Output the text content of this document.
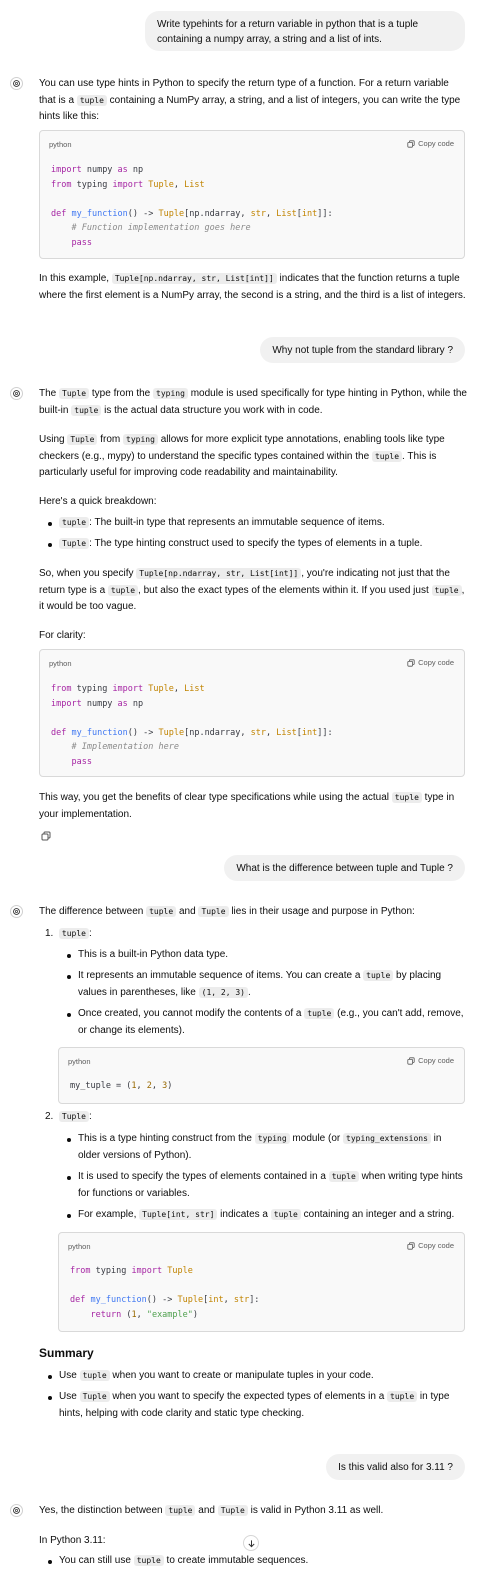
Write typehints for a return variable in python that is a tuple containing a numpy array, a string and a list of ints.

You can use type hints in Python to specify the return type of a function. For a return variable that is a tuple containing a NumPy array, a string, and a list of integers, you can write the type hints like this:

python	Copy code
import numpy as np
from typing import Tuple, List

def my_function() -> Tuple[np.ndarray, str, List[int]]:
# Function implementation goes here
pass

In this example, Tuple[np.ndarray, str, List[int]] indicates that the function returns a tuple where the first element is a NumPy array, the second is a string, and the third is a list of integers.

Why not tuple from the standard library ?

The Tuple type from the typing module is used specifically for type hinting in Python, while the built-in tuple is the actual data structure you work with in code.

Using Tuple from typing allows for more explicit type annotations, enabling tools like type checkers (e.g., mypy) to understand the specific types contained within the tuple . This is particularly useful for improving code readability and maintainability.

Here's a quick breakdown:

tuple : The built-in type that represents an immutable sequence of items.
Tuple : The type hinting construct used to specify the types of elements in a tuple.

So, when you specify Tuple[np.ndarray, str, List[int]] , you're indicating not just that the return type is a tuple , but also the exact types of the elements within it. If you used just tuple , it would be too vague.

For clarity:

python	Copy code
from typing import Tuple, List
import numpy as np

def my_function() -> Tuple[np.ndarray, str, List[int]]:
# Implementation here
pass

This way, you get the benefits of clear type specifications while using the actual tuple type in your implementation.

What is the difference between tuple and Tuple ?

The difference between tuple and Tuple lies in their usage and purpose in Python:

1.  tuple :
This is a built-in Python data type.
It represents an immutable sequence of items. You can create a tuple by placing values in parentheses, like (1, 2, 3) .
Once created, you cannot modify the contents of a tuple (e.g., you can't add, remove, or change its elements).
python	Copy code
my_tuple = (1, 2, 3)
2.  Tuple :
This is a type hinting construct from the typing module (or typing_extensions in older versions of Python).
It is used to specify the types of elements contained in a tuple when writing type hints for functions or variables.
For example, Tuple[int, str] indicates a tuple containing an integer and a string.
python	Copy code
from typing import Tuple

def my_function() -> Tuple[int, str]:
return (1, "example")
Summary
Use tuple when you want to create or manipulate tuples in your code.
Use Tuple when you want to specify the expected types of elements in a tuple in type hints, helping with code clarity and static type checking.
Is this valid also for 3.11 ?

Yes, the distinction between tuple and Tuple is valid in Python 3.11 as well.

In Python 3.11:

You can still use tuple to create immutable sequences.
